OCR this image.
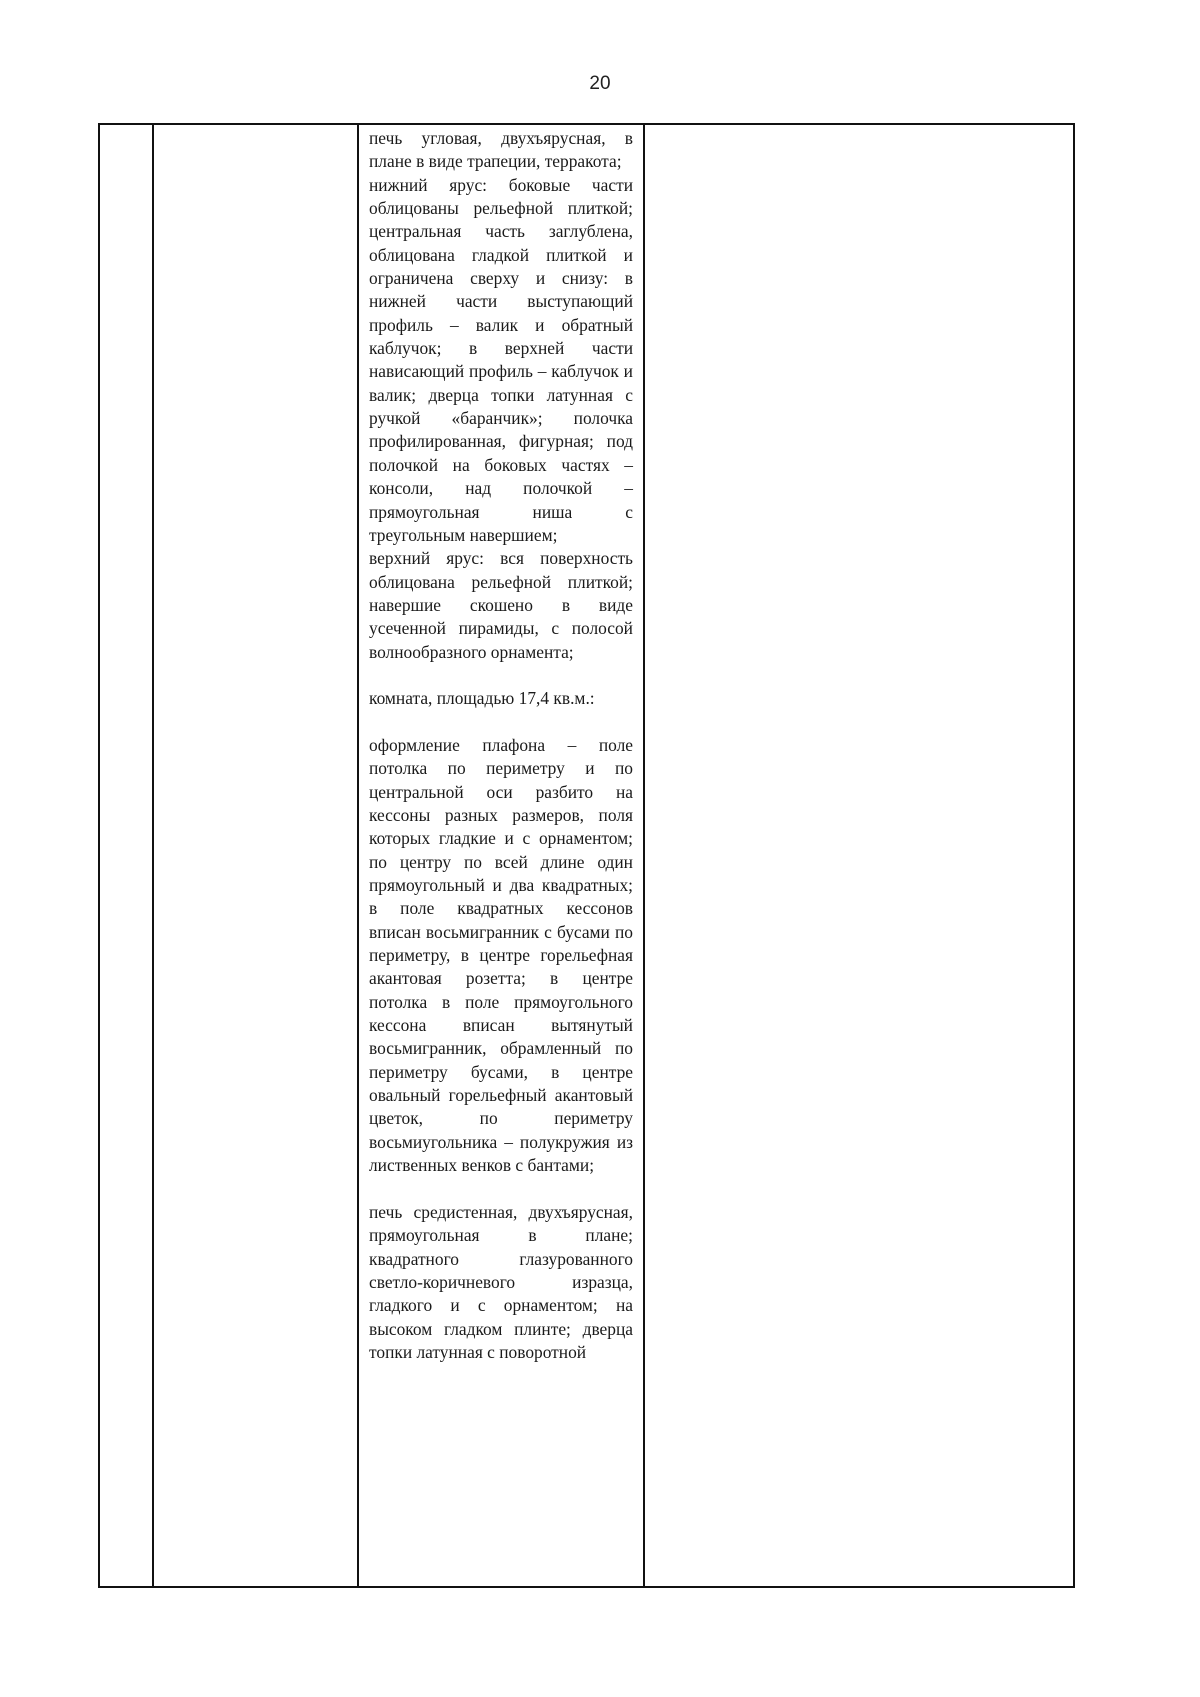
20

печь угловая, двухъярусная, в плане в виде трапеции, терракота;

нижний ярус: боковые части облицованы рельефной плиткой; центральная часть заглублена, облицована гладкой плиткой и ограничена сверху и снизу: в нижней части выступающий профиль – валик и обратный каблучок; в верхней части нависающий профиль – каблучок и валик; дверца топки латунная с ручкой «баранчик»; полочка профилированная, фигурная; под полочкой на боковых частях – консоли, над полочкой – прямоугольная ниша с треугольным навершием;

верхний ярус: вся поверхность облицована рельефной плиткой; навершие скошено в виде усеченной пирамиды, с полосой волнообразного орнамента;

комната, площадью 17,4 кв.м.:

оформление плафона – поле потолка по периметру и по центральной оси разбито на кессоны разных размеров, поля которых гладкие и с орнаментом; по центру по всей длине один прямоугольный и два квадратных; в поле квадратных кессонов вписан восьмигранник с бусами по периметру, в центре горельефная акантовая розетта; в центре потолка в поле прямоугольного кессона вписан вытянутый восьмигранник, обрамленный по периметру бусами, в центре овальный горельефный акантовый цветок, по периметру восьмиугольника – полукружия из лиственных венков с бантами;

печь средистенная, двухъярусная, прямоугольная в плане; квадратного глазурованного светло-коричневого изразца, гладкого и с орнаментом; на высоком гладком плинте; дверца топки латунная с поворотной
